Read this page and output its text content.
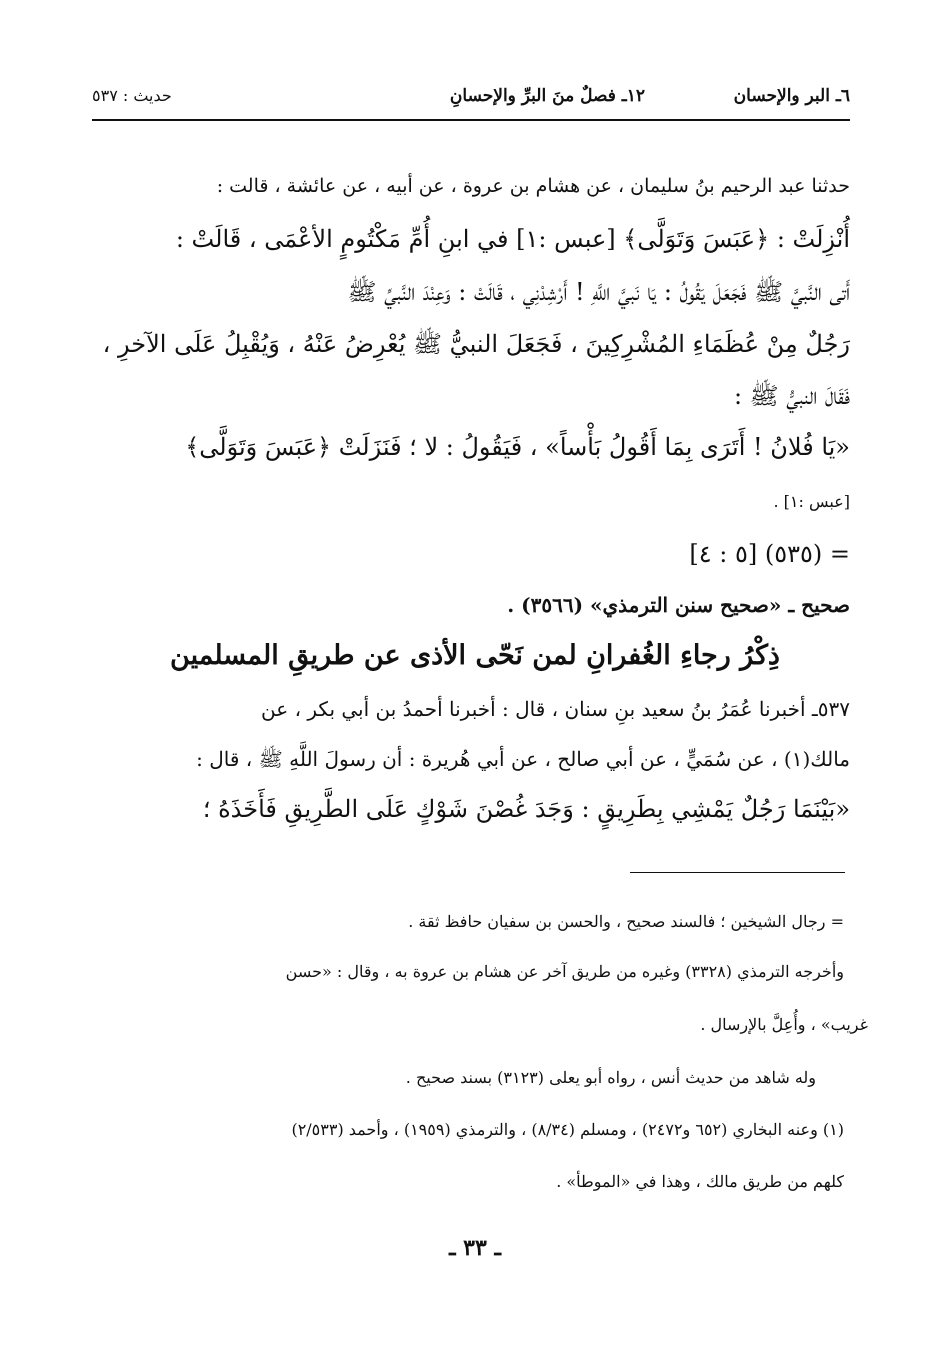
٦ـ البر والإحسان
١٢ـ فصلٌ منَ البرِّ والإحسانِ
حديث : ٥٣٧
حدثنا عبد الرحيم بنُ سليمان ، عن هشام بن عروة ، عن أبيه ، عن عائشة ، قالت :
أُنْزِلَتْ : ﴿عَبَسَ وَتَوَلَّى﴾ [عبس :١] في ابنِ أُمِّ مَكْتُومٍ الأعْمَى ، قَالَتْ :
أَتى النَّبيَّ ﷺ فَجَعَلَ يَقُولُ : يَا نَبيَّ اللَّهِ ! أَرْشِدْنِي ، قَالَتْ : وَعِنْدَ النَّبيِّ ﷺ
رَجُلٌ مِنْ عُظَمَاءِ المُشْرِكِينَ ، فَجَعَلَ النبيُّ ﷺ يُعْرِضُ عَنْهُ ، وَيُقْبِلُ عَلَى الآخرِ ،
فَقَالَ النبيُّ ﷺ :
«يَا فُلانُ ! أَتَرَى بِمَا أَقُولُ بَأْساً» ، فَيَقُولُ : لا ؛ فَنَزَلَتْ ﴿عَبَسَ وَتَوَلَّى﴾
[عبس :١] .
= (٥٣٥) [٥ : ٤]
صحيح ـ «صحيح سنن الترمذي» (٣٥٦٦) .
ذِكْرُ رجاءِ الغُفرانِ لمن نَحّى الأذى عن طريقِ المسلمين
٥٣٧ـ أخبرنا عُمَرُ بنُ سعيد بنِ سنان ، قال : أخبرنا أحمدُ بن أبي بكر ، عن
مالك(١) ، عن سُمَيٍّ ، عن أبي صالح ، عن أبي هُريرة : أن رسولَ اللَّهِ ﷺ ، قال :
«بَيْنَمَا رَجُلٌ يَمْشِي بِطَرِيقٍ : وَجَدَ غُصْنَ شَوْكٍ عَلَى الطَّرِيقِ فَأَخَذَهُ ؛
= رجال الشيخين ؛ فالسند صحيح ، والحسن بن سفيان حافظ ثقة .
وأخرجه الترمذي (٣٣٢٨) وغيره من طريق آخر عن هشام بن عروة به ، وقال : «حسن
غريب» ، وأُعِلَّ بالإرسال .
وله شاهد من حديث أنس ، رواه أبو يعلى (٣١٢٣) بسند صحيح .
(١) وعنه البخاري (٦٥٢ و٢٤٧٢) ، ومسلم (٨/٣٤) ، والترمذي (١٩٥٩) ، وأحمد (٢/٥٣٣)
كلهم من طريق مالك ، وهذا في «الموطأ» .
ـ ٣٣ ـ
